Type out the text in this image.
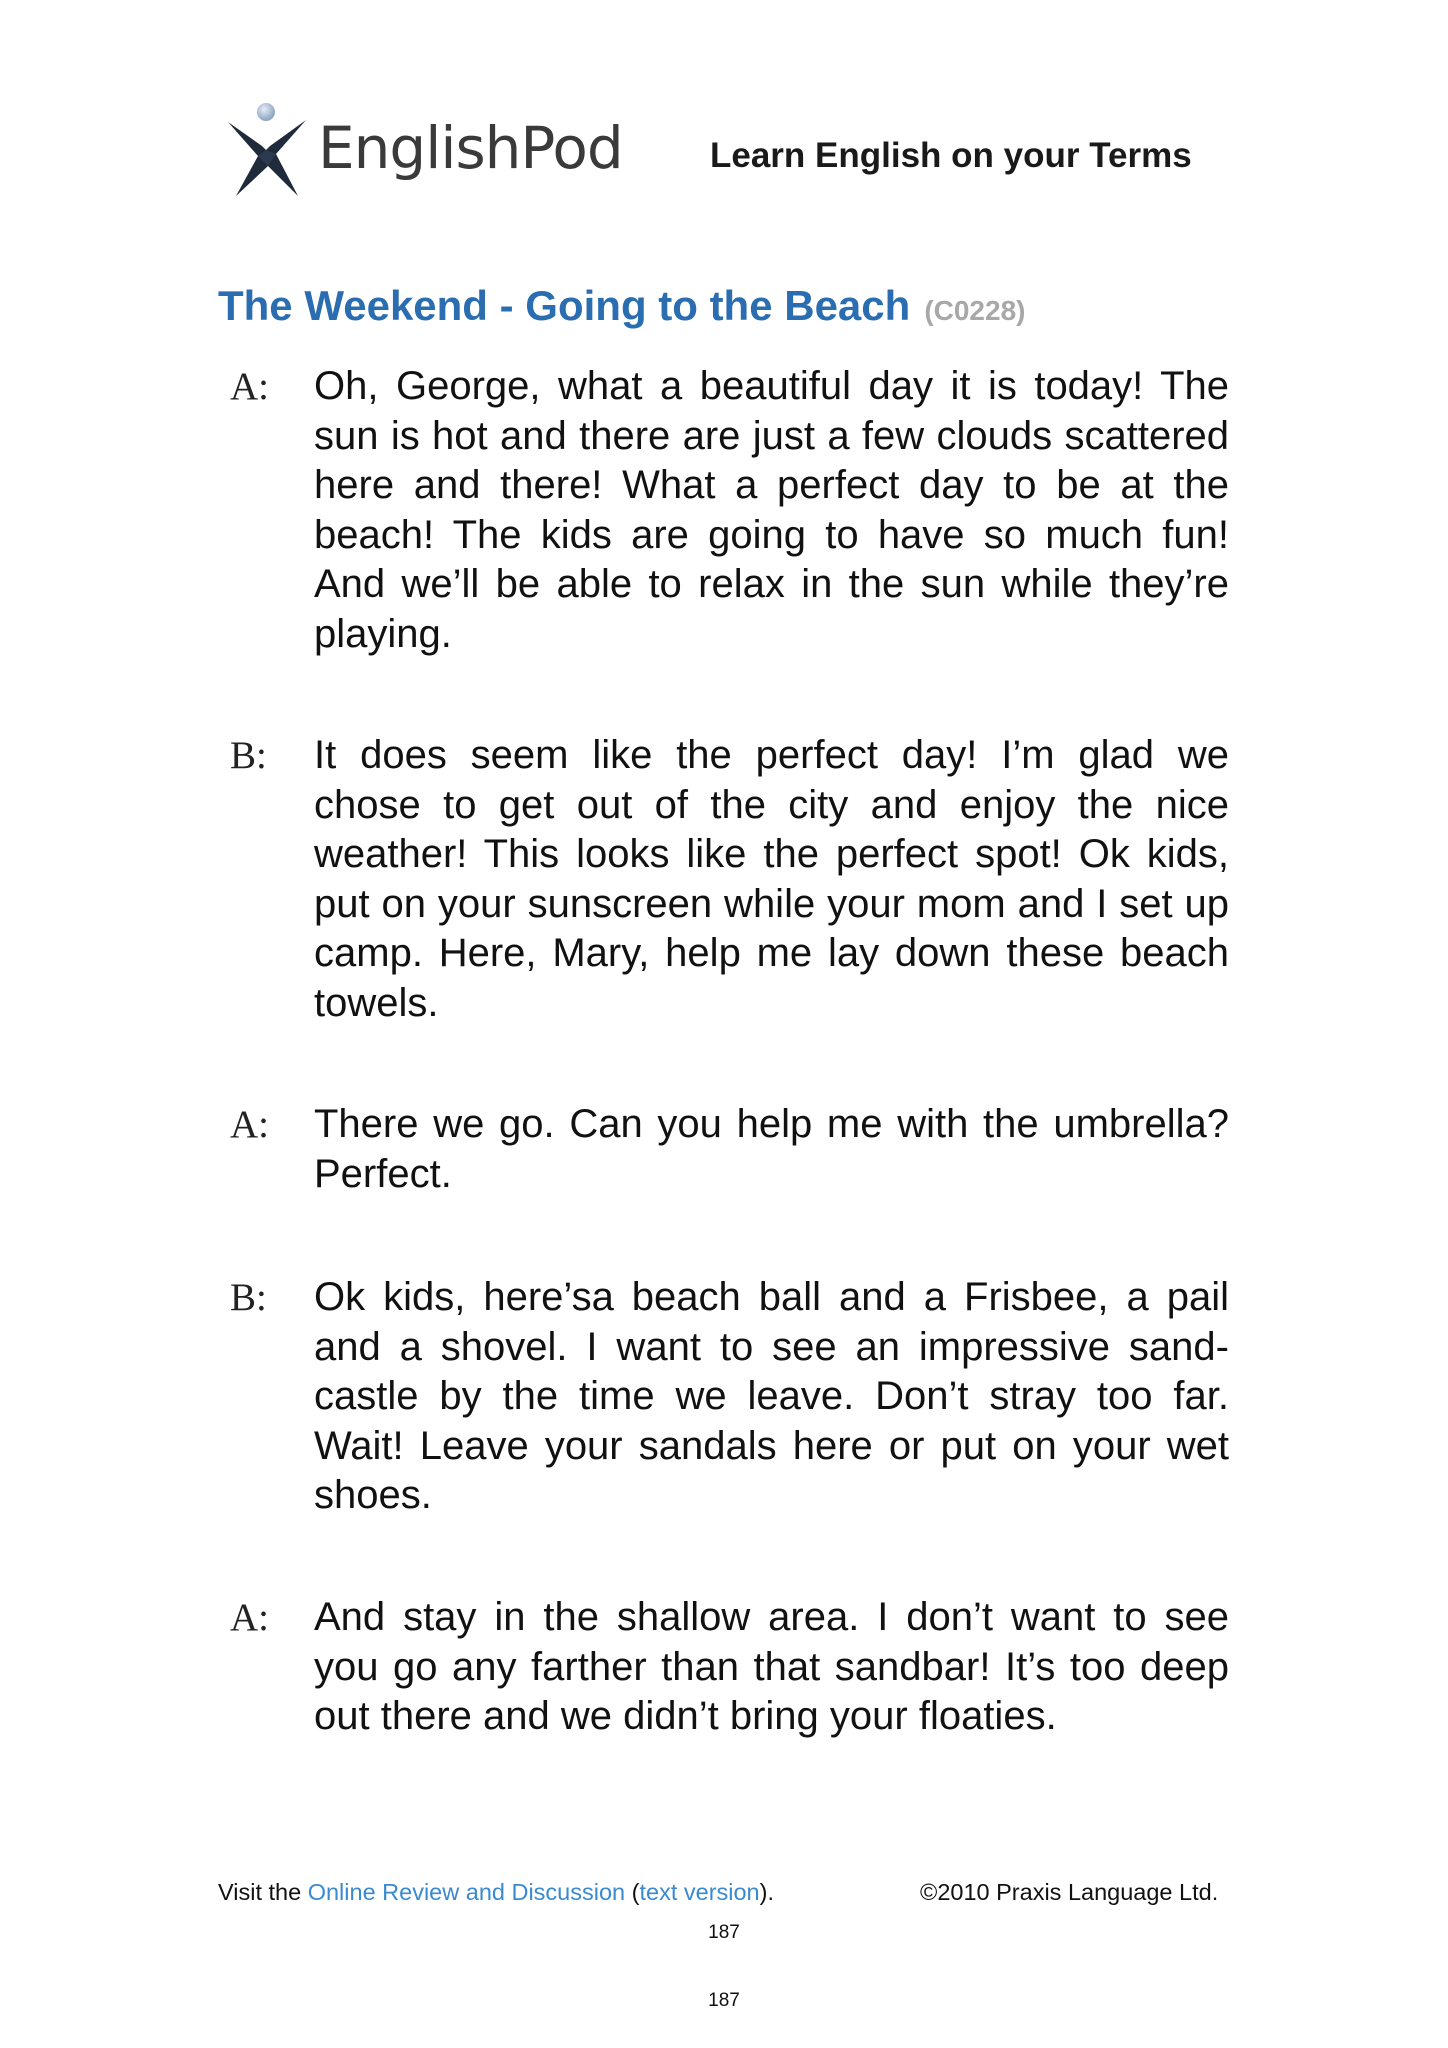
EnglishPod Learn English on your Terms
The Weekend - Going to the Beach (C0228)
A:	Oh, George, what a beautiful day it is today! The sun is hot and there are just a few clouds scattered here and there! What a perfect day to be at the beach! The kids are going to have so much fun! And we’ll be able to relax in the sun while they’re playing.
B:	It does seem like the perfect day! I’m glad we chose to get out of the city and enjoy the nice weather! This looks like the perfect spot! Ok kids, put on your sunscreen while your mom and I set up camp. Here, Mary, help me lay down these beach towels.
A:	There we go. Can you help me with the umbrella? Perfect.
B:	Ok kids, here’sa beach ball and a Frisbee, a pail and a shovel. I want to see an impressive sandcastle by the time we leave. Don’t stray too far. Wait! Leave your sandals here or put on your wet shoes.
A:	And stay in the shallow area. I don’t want to see you go any farther than that sandbar! It’s too deep out there and we didn’t bring your floaties.
Visit the Online Review and Discussion (text version).	©2010 Praxis Language Ltd.
187
187
